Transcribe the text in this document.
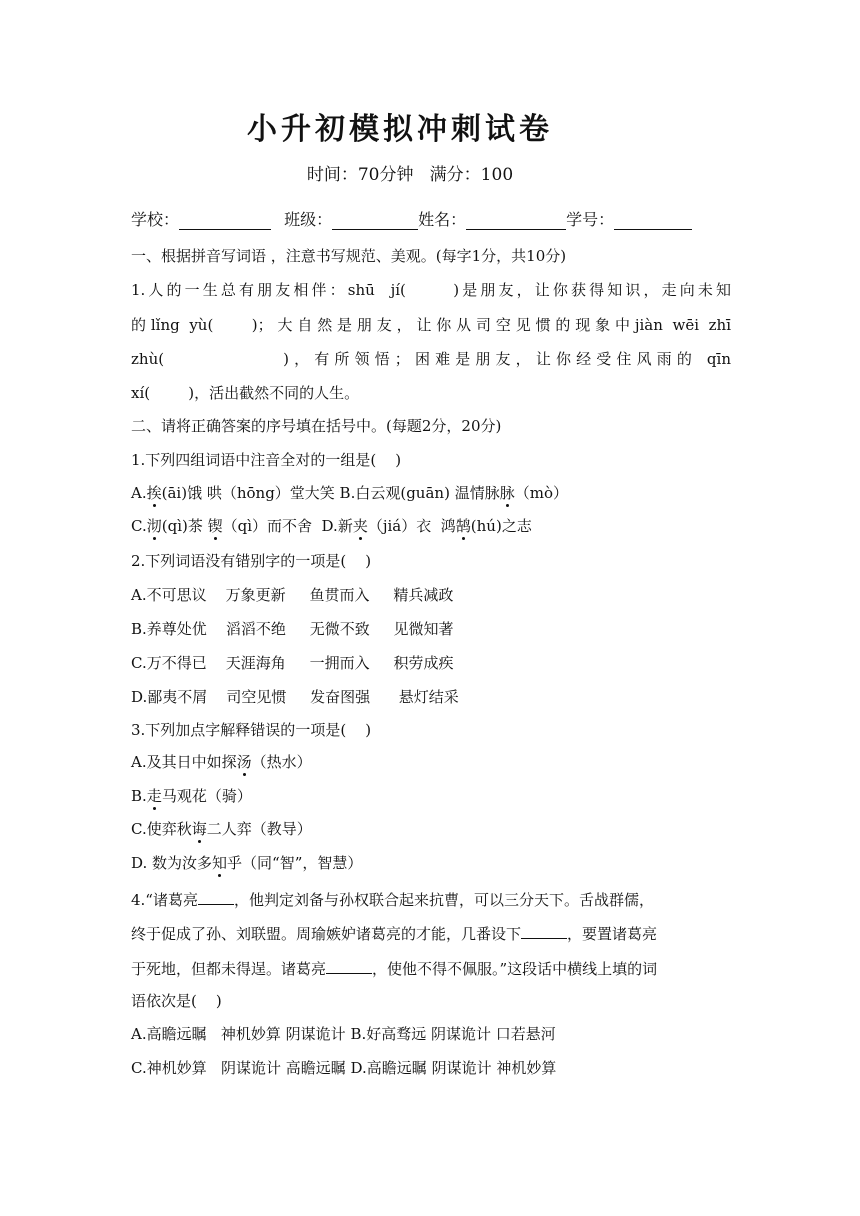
小升初模拟冲刺试卷
时间：70分钟   满分：100
学校：	班级：	姓名：	学号：
一、根据拼音写词语 ，注意书写规范、美观。(每字1分，共10分)
1.人的一生总有朋友相伴：shū  jí(      )是朋友，让你获得知识，走向未知
的lǐng yù(    )；大自然是朋友，让你从司空见惯的现象中jiàn wēi zhī
zhù(            )，有所领悟；困难是朋友，让你经受住风雨的 qīn
xí(        )，活出截然不同的人生。
二、请将正确答案的序号填在括号中。(每题2分，20分)
1.下列四组词语中注音全对的一组是(    )
A.挨(āi)饿 哄（hōng）堂大笑 B.白云观(guān) 温情脉脉（mò）
C.沏(qì)茶 锲（qì）而不舍  D.新夹（jiá）衣  鸿鹄(hú)之志
2.下列词语没有错别字的一项是(    )
A.不可思议    万象更新     鱼贯而入     精兵减政
B.养尊处优    滔滔不绝     无微不致     见微知著
C.万不得已    天涯海角     一拥而入     积劳成疾
D.鄙夷不屑    司空见惯     发奋图强      悬灯结采
3.下列加点字解释错误的一项是(    )
A.及其日中如探汤（热水）
B.走马观花（骑）
C.使弈秋诲二人弈（教导）
D. 数为汝多知乎（同“智”，智慧）
4.“诸葛亮 ，他判定刘备与孙权联合起来抗曹，可以三分天下。舌战群儒，
终于促成了孙、刘联盟。周瑜嫉妒诸葛亮的才能，几番设下	，要置诸葛亮
于死地，但都未得逞。诸葛亮	，使他不得不佩服。”这段话中横线上填的词
语依次是(    )
A.高瞻远瞩   神机妙算 阴谋诡计 B.好高骛远 阴谋诡计 口若悬河
C.神机妙算   阴谋诡计 高瞻远瞩 D.高瞻远瞩 阴谋诡计 神机妙算
